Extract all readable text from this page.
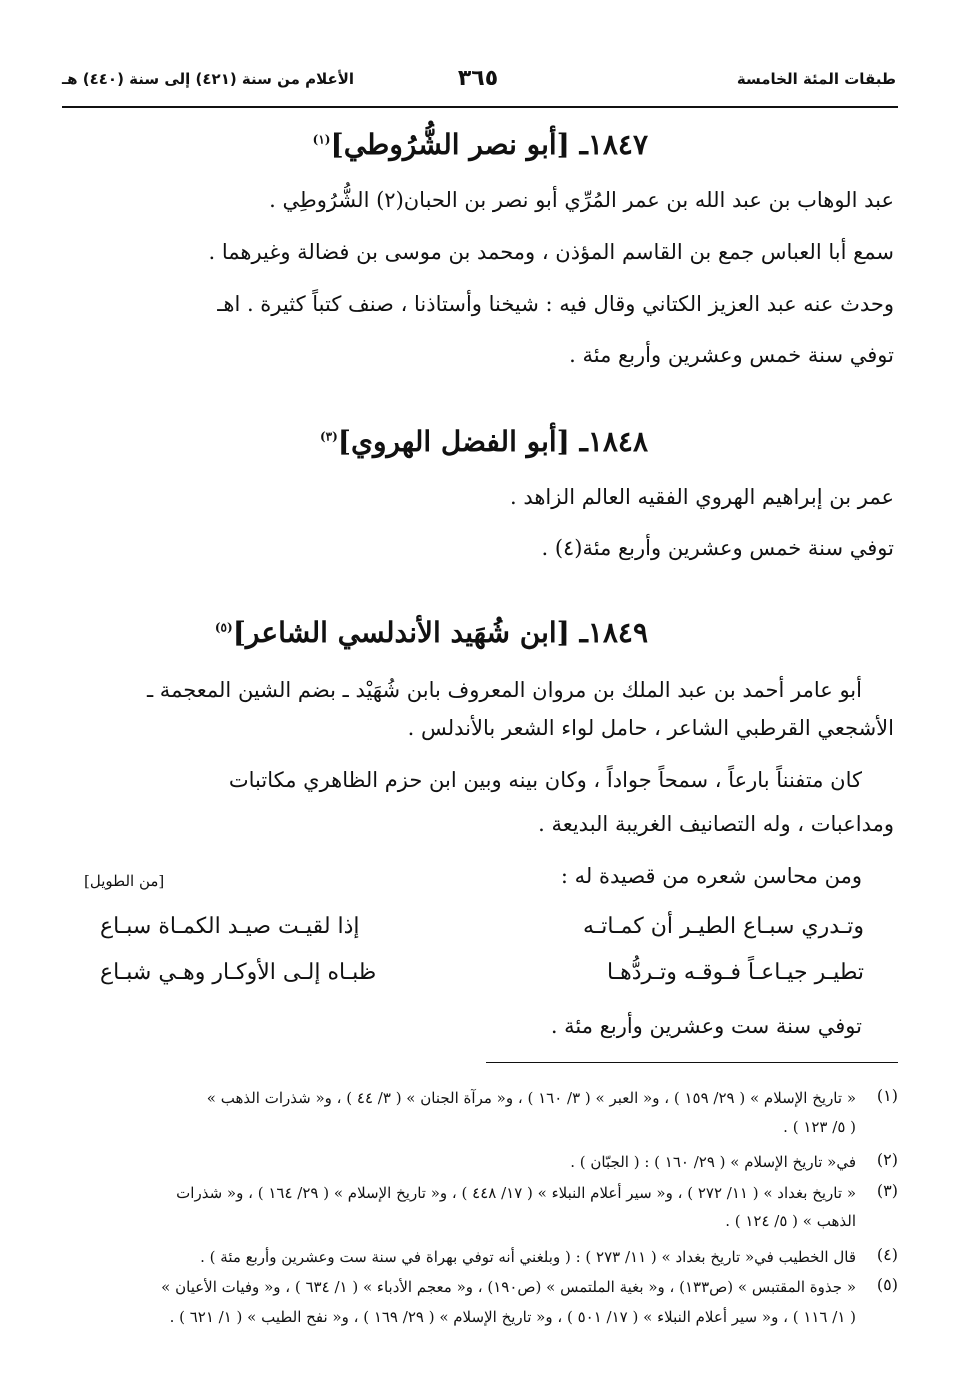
طبقات المئة الخامسة
٣٦٥
الأعلام من سنة (٤٢١) إلى سنة (٤٤٠) هـ
١٨٤٧ـ [أبو نصر الشُّرُوطي]$^{(١)}$
عبد الوهاب بن عبد الله بن عمر المُرِّي أبو نصر بن الحبان(٢) الشُّرُوطِي .
سمع أبا العباس جمع بن القاسم المؤذن ، ومحمد بن موسى بن فضالة وغيرهما .
وحدث عنه عبد العزيز الكتاني وقال فيه : شيخنا وأستاذنا ، صنف كتباً كثيرة . اهـ
توفي سنة خمس وعشرين وأربع مئة .
١٨٤٨ـ [أبو الفضل الهروي]$^{(٣)}$
عمر بن إبراهيم الهروي الفقيه العالم الزاهد .
توفي سنة خمس وعشرين وأربع مئة(٤) .
١٨٤٩ـ [ابن شُهَيد الأندلسي الشاعر]$^{(٥)}$
أبو عامر أحمد بن عبد الملك بن مروان المعروف بابن شُهَيْد ـ بضم الشين المعجمة ـ
الأشجعي القرطبي الشاعر ، حامل لواء الشعر بالأندلس .
كان متفنناً بارعاً ، سمحاً جواداً ، وكان بينه وبين ابن حزم الظاهري مكاتبات
ومداعبات ، وله التصانيف الغريبة البديعة .
ومن محاسن شعره من قصيدة له :
[من الطويل]
وتـدري سبـاع الطيـر أن كمـاتـه
إذا لقيـت صيـد الكمـاة سبـاع
تطيـر جيـاعـاً فـوقـه وتـردُّهـا
ظبـاه إلـى الأوكـار وهـي شبـاع
توفي سنة ست وعشرين وأربع مئة .
(١)
« تاريخ الإسلام » ( ٢٩/ ١٥٩ ) ، و« العبر » ( ٣/ ١٦٠ ) ، و« مرآة الجنان » ( ٣/ ٤٤ ) ، و« شذرات الذهب »
( ٥/ ١٢٣ ) .
(٢)
في« تاريخ الإسلام » ( ٢٩/ ١٦٠ ) : ( الجبّان ) .
(٣)
« تاريخ بغداد » ( ١١/ ٢٧٢ ) ، و« سير أعلام النبلاء » ( ١٧/ ٤٤٨ ) ، و« تاريخ الإسلام » ( ٢٩/ ١٦٤ ) ، و« شذرات
الذهب » ( ٥/ ١٢٤ ) .
(٤)
قال الخطيب في« تاريخ بغداد » ( ١١/ ٢٧٣ ) : ( وبلغني أنه توفي بهراة في سنة ست وعشرين وأربع مئة ) .
(٥)
« جذوة المقتبس » (ص١٣٣) ، و« بغية الملتمس » (ص١٩٠) ، و« معجم الأدباء » ( ١/ ٦٣٤ ) ، و« وفيات الأعيان »
( ١/ ١١٦ ) ، و« سير أعلام النبلاء » ( ١٧/ ٥٠١ ) ، و« تاريخ الإسلام » ( ٢٩/ ١٦٩ ) ، و« نفح الطيب » ( ١/ ٦٢١ ) .
